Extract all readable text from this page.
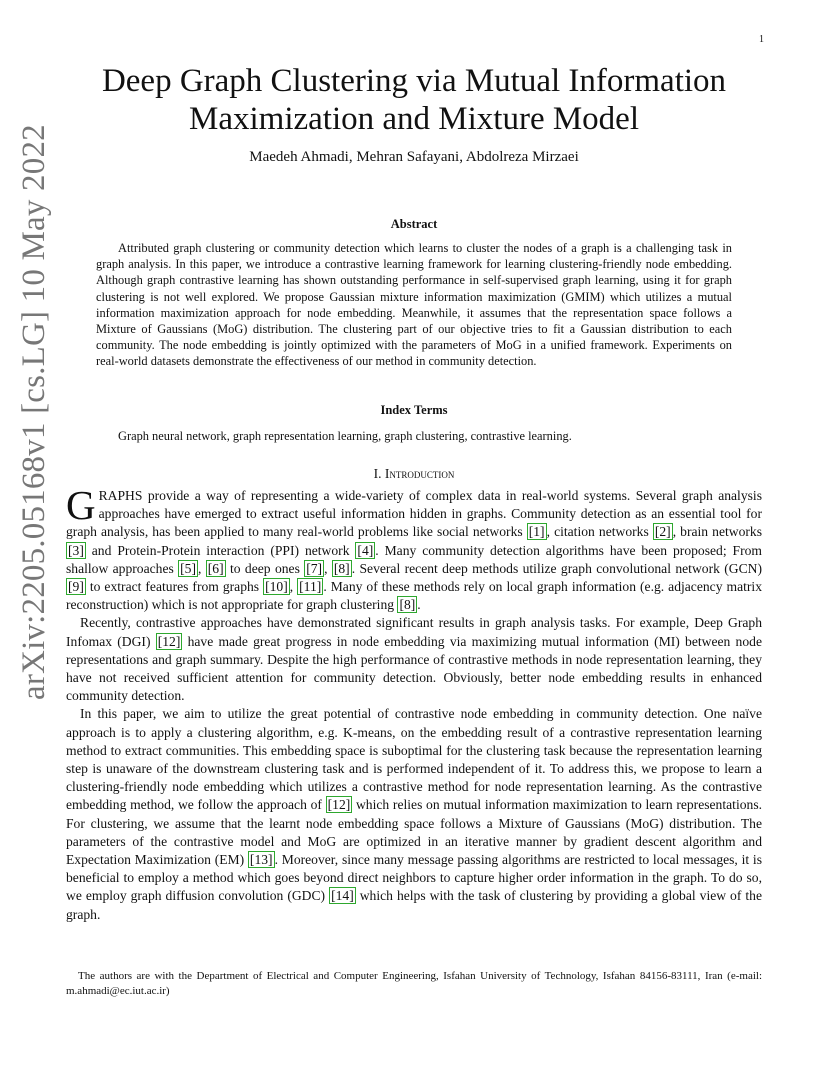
1
arXiv:2205.05168v1 [cs.LG] 10 May 2022
Deep Graph Clustering via Mutual Information Maximization and Mixture Model
Maedeh Ahmadi, Mehran Safayani, Abdolreza Mirzaei
Abstract

Attributed graph clustering or community detection which learns to cluster the nodes of a graph is a challenging task in graph analysis. In this paper, we introduce a contrastive learning framework for learning clustering-friendly node embedding. Although graph contrastive learning has shown outstanding performance in self-supervised graph learning, using it for graph clustering is not well explored. We propose Gaussian mixture information maximization (GMIM) which utilizes a mutual information maximization approach for node embedding. Meanwhile, it assumes that the representation space follows a Mixture of Gaussians (MoG) distribution. The clustering part of our objective tries to fit a Gaussian distribution to each community. The node embedding is jointly optimized with the parameters of MoG in a unified framework. Experiments on real-world datasets demonstrate the effectiveness of our method in community detection.

Index Terms

Graph neural network, graph representation learning, graph clustering, contrastive learning.

I. Introduction

GRAPHS provide a way of representing a wide-variety of complex data in real-world systems. Several graph analysis approaches have emerged to extract useful information hidden in graphs. Community detection as an essential tool for graph analysis, has been applied to many real-world problems like social networks [1] , citation networks [2] , brain networks [3] and Protein-Protein interaction (PPI) network [4] . Many community detection algorithms have been proposed; From shallow approaches [5] , [6] to deep ones [7] , [8] . Several recent deep methods utilize graph convolutional network (GCN) [9] to extract features from graphs [10] , [11] . Many of these methods rely on local graph information (e.g. adjacency matrix reconstruction) which is not appropriate for graph clustering [8] .

Recently, contrastive approaches have demonstrated significant results in graph analysis tasks. For example, Deep Graph Infomax (DGI) [12] have made great progress in node embedding via maximizing mutual information (MI) between node representations and graph summary. Despite the high performance of contrastive methods in node representation learning, they have not received sufficient attention for community detection. Obviously, better node embedding results in enhanced community detection.

In this paper, we aim to utilize the great potential of contrastive node embedding in community detection. One naïve approach is to apply a clustering algorithm, e.g. K-means, on the embedding result of a contrastive representation learning method to extract communities. This embedding space is suboptimal for the clustering task because the representation learning step is unaware of the downstream clustering task and is performed independent of it. To address this, we propose to learn a clustering-friendly node embedding which utilizes a contrastive method for node representation learning. As the contrastive embedding method, we follow the approach of [12] which relies on mutual information maximization to learn representations. For clustering, we assume that the learnt node embedding space follows a Mixture of Gaussians (MoG) distribution. The parameters of the contrastive model and MoG are optimized in an iterative manner by gradient descent algorithm and Expectation Maximization (EM) [13] . Moreover, since many message passing algorithms are restricted to local messages, it is beneficial to employ a method which goes beyond direct neighbors to capture higher order information in the graph. To do so, we employ graph diffusion convolution (GDC) [14] which helps with the task of clustering by providing a global view of the graph.

The authors are with the Department of Electrical and Computer Engineering, Isfahan University of Technology, Isfahan 84156-83111, Iran (e-mail: m.ahmadi@ec.iut.ac.ir)
